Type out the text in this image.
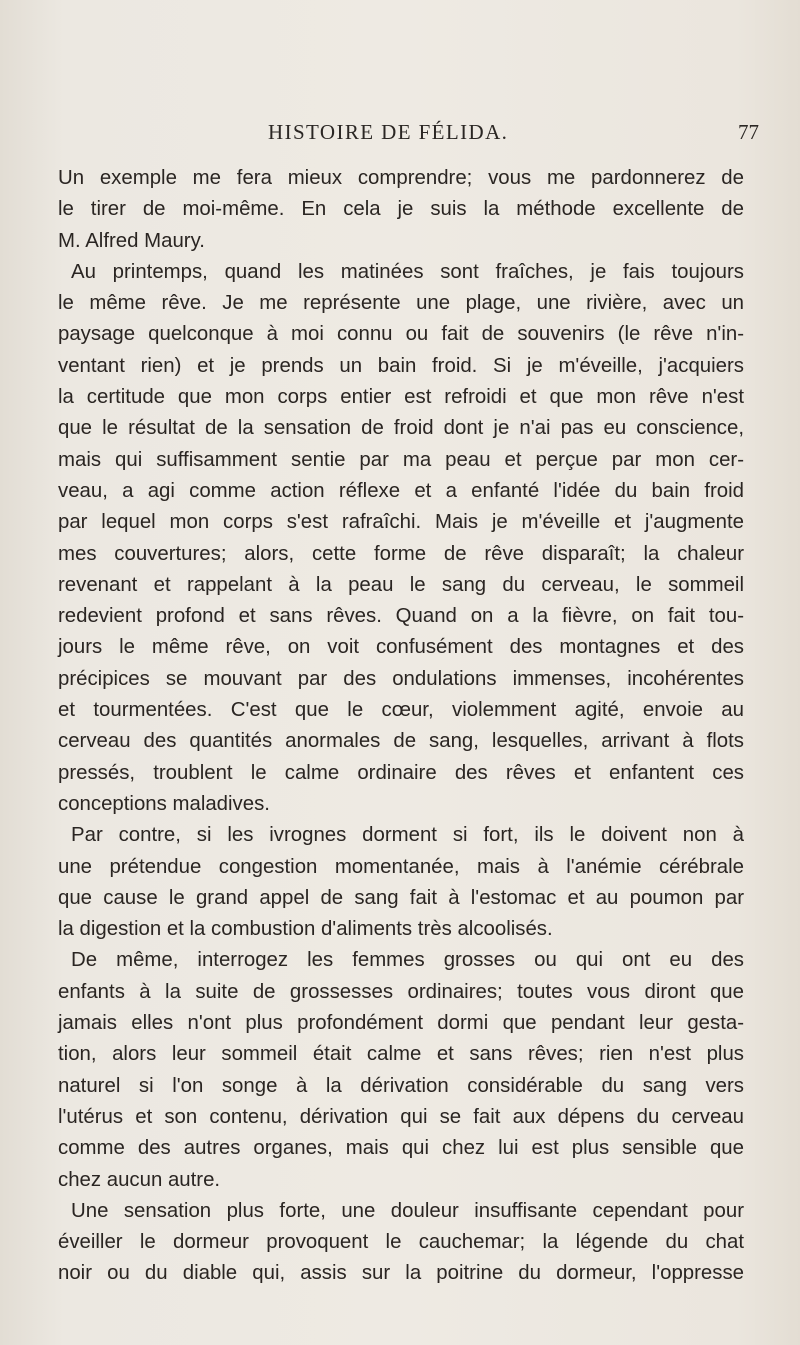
HISTOIRE DE FÉLIDA.	77

Un exemple me fera mieux comprendre; vous me pardonnerez de
le tirer de moi-même. En cela je suis la méthode excellente de
M. Alfred Maury.

Au printemps, quand les matinées sont fraîches, je fais toujours
le même rêve. Je me représente une plage, une rivière, avec un
paysage quelconque à moi connu ou fait de souvenirs (le rêve n'in-
ventant rien) et je prends un bain froid. Si je m'éveille, j'acquiers
la certitude que mon corps entier est refroidi et que mon rêve n'est
que le résultat de la sensation de froid dont je n'ai pas eu conscience,
mais qui suffisamment sentie par ma peau et perçue par mon cer-
veau, a agi comme action réflexe et a enfanté l'idée du bain froid
par lequel mon corps s'est rafraîchi. Mais je m'éveille et j'augmente
mes couvertures; alors, cette forme de rêve disparaît; la chaleur
revenant et rappelant à la peau le sang du cerveau, le sommeil
redevient profond et sans rêves. Quand on a la fièvre, on fait tou-
jours le même rêve, on voit confusément des montagnes et des
précipices se mouvant par des ondulations immenses, incohérentes
et tourmentées. C'est que le cœur, violemment agité, envoie au
cerveau des quantités anormales de sang, lesquelles, arrivant à flots
pressés, troublent le calme ordinaire des rêves et enfantent ces
conceptions maladives.

Par contre, si les ivrognes dorment si fort, ils le doivent non à
une prétendue congestion momentanée, mais à l'anémie cérébrale
que cause le grand appel de sang fait à l'estomac et au poumon par
la digestion et la combustion d'aliments très alcoolisés.

De même, interrogez les femmes grosses ou qui ont eu des
enfants à la suite de grossesses ordinaires; toutes vous diront que
jamais elles n'ont plus profondément dormi que pendant leur gesta-
tion, alors leur sommeil était calme et sans rêves; rien n'est plus
naturel si l'on songe à la dérivation considérable du sang vers
l'utérus et son contenu, dérivation qui se fait aux dépens du cerveau
comme des autres organes, mais qui chez lui est plus sensible que
chez aucun autre.

Une sensation plus forte, une douleur insuffisante cependant pour
éveiller le dormeur provoquent le cauchemar; la légende du chat
noir ou du diable qui, assis sur la poitrine du dormeur, l'oppresse
